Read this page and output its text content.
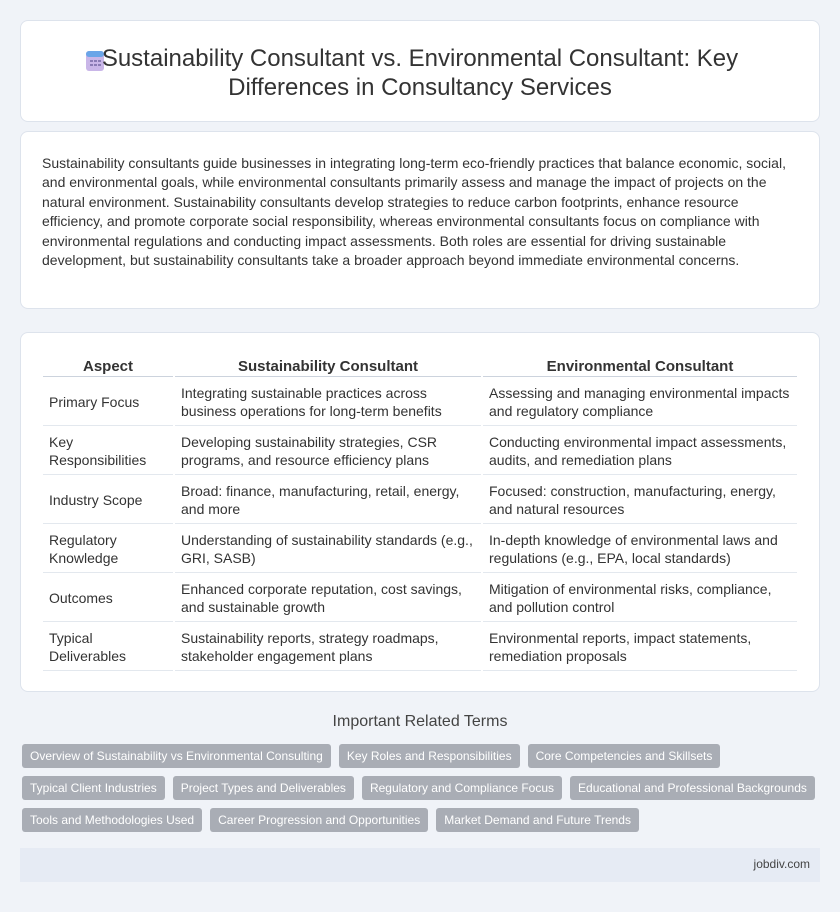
Sustainability Consultant vs. Environmental Consultant: Key
Differences in Consultancy Services

Sustainability consultants guide businesses in integrating long-term eco-friendly practices that balance economic, social, and environmental goals, while environmental consultants primarily assess and manage the impact of projects on the natural environment. Sustainability consultants develop strategies to reduce carbon footprints, enhance resource efficiency, and promote corporate social responsibility, whereas environmental consultants focus on compliance with environmental regulations and conducting impact assessments. Both roles are essential for driving sustainable development, but sustainability consultants take a broader approach beyond immediate environmental concerns.

Aspect	Sustainability Consultant	Environmental Consultant
Primary Focus	Integrating sustainable practices across business operations for long-term benefits	Assessing and managing environmental impacts and regulatory compliance
Key Responsibilities	Developing sustainability strategies, CSR programs, and resource efficiency plans	Conducting environmental impact assessments, audits, and remediation plans
Industry Scope	Broad: finance, manufacturing, retail, energy, and more	Focused: construction, manufacturing, energy, and natural resources
Regulatory Knowledge	Understanding of sustainability standards (e.g., GRI, SASB)	In-depth knowledge of environmental laws and regulations (e.g., EPA, local standards)
Outcomes	Enhanced corporate reputation, cost savings, and sustainable growth	Mitigation of environmental risks, compliance, and pollution control
Typical Deliverables	Sustainability reports, strategy roadmaps, stakeholder engagement plans	Environmental reports, impact statements, remediation proposals
Important Related Terms
Overview of Sustainability vs Environmental Consulting	Key Roles and Responsibilities	Core Competencies and Skillsets
Typical Client Industries	Project Types and Deliverables	Regulatory and Compliance Focus	Educational and Professional Backgrounds
Tools and Methodologies Used	Career Progression and Opportunities	Market Demand and Future Trends
jobdiv.com
